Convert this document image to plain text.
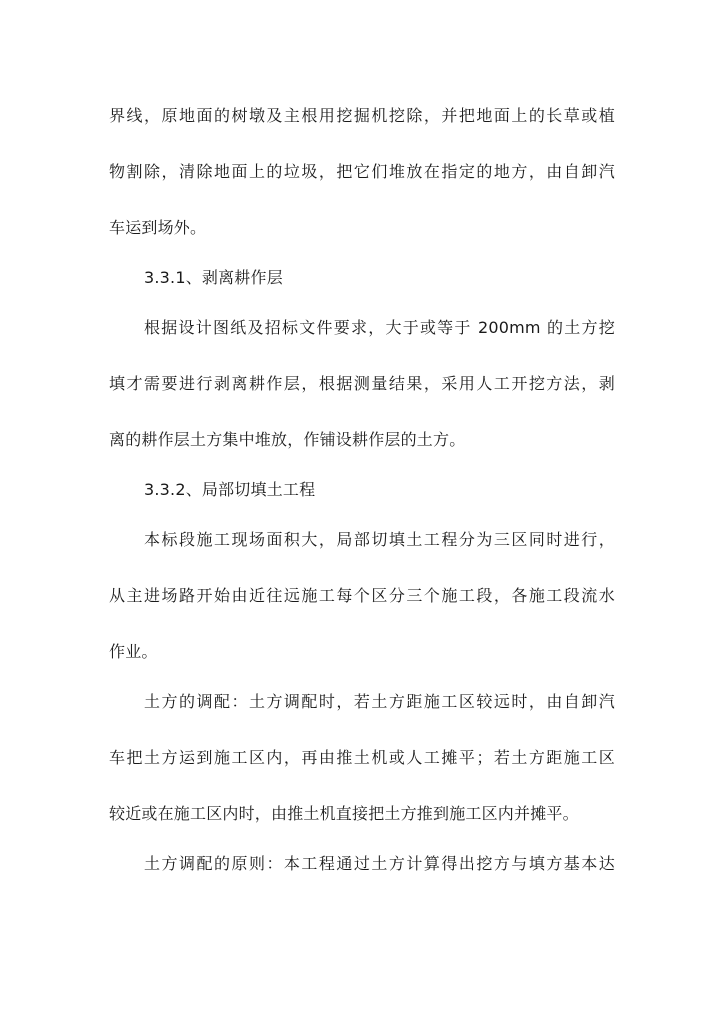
界线，原地面的树墩及主根用挖掘机挖除，并把地面上的长草或植
物割除，清除地面上的垃圾，把它们堆放在指定的地方，由自卸汽
车运到场外。
3.3.1、剥离耕作层
根据设计图纸及招标文件要求，大于或等于 200mm 的土方挖
填才需要进行剥离耕作层，根据测量结果，采用人工开挖方法，剥
离的耕作层土方集中堆放，作铺设耕作层的土方。
3.3.2、局部切填土工程
本标段施工现场面积大，局部切填土工程分为三区同时进行，
从主进场路开始由近往远施工每个区分三个施工段，各施工段流水
作业。
土方的调配：土方调配时，若土方距施工区较远时，由自卸汽
车把土方运到施工区内，再由推土机或人工摊平；若土方距施工区
较近或在施工区内时，由推土机直接把土方推到施工区内并摊平。
土方调配的原则：本工程通过土方计算得出挖方与填方基本达
